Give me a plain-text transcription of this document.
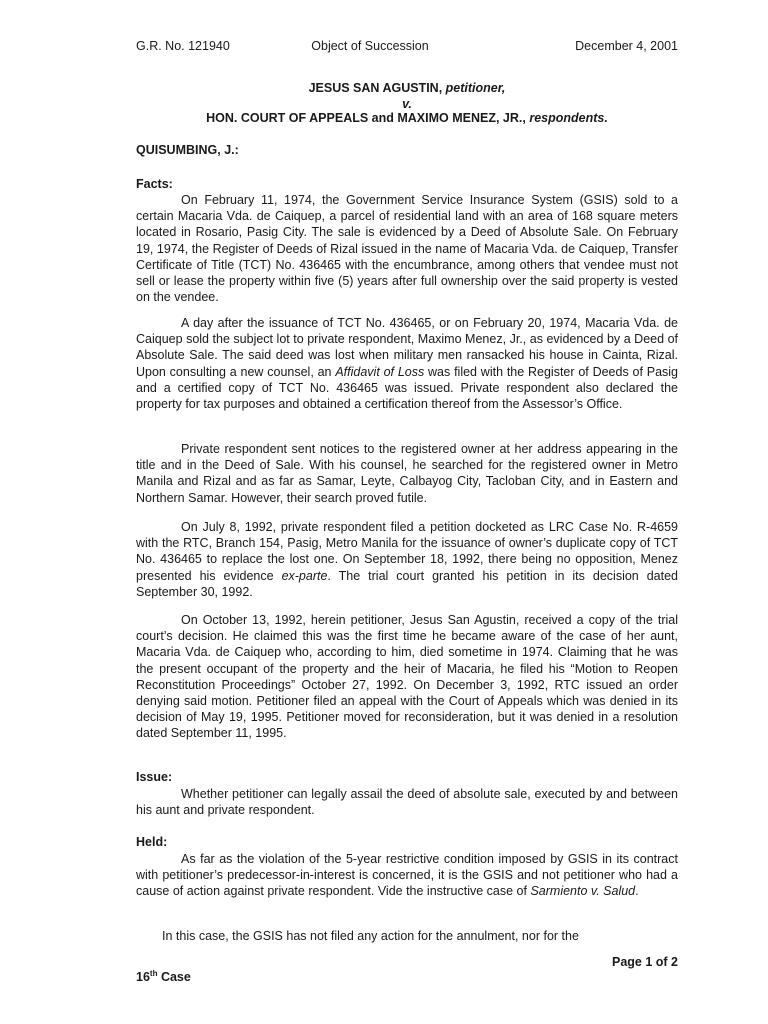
G.R. No. 121940	Object of Succession	December 4, 2001
JESUS SAN AGUSTIN, petitioner,
v.
HON. COURT OF APPEALS and MAXIMO MENEZ, JR., respondents.
QUISUMBING, J.:
Facts:
On February 11, 1974, the Government Service Insurance System (GSIS) sold to a certain Macaria Vda. de Caiquep, a parcel of residential land with an area of 168 square meters located in Rosario, Pasig City. The sale is evidenced by a Deed of Absolute Sale. On February 19, 1974, the Register of Deeds of Rizal issued in the name of Macaria Vda. de Caiquep, Transfer Certificate of Title (TCT) No. 436465 with the encumbrance, among others that vendee must not sell or lease the property within five (5) years after full ownership over the said property is vested on the vendee.
A day after the issuance of TCT No. 436465, or on February 20, 1974, Macaria Vda. de Caiquep sold the subject lot to private respondent, Maximo Menez, Jr., as evidenced by a Deed of Absolute Sale. The said deed was lost when military men ransacked his house in Cainta, Rizal. Upon consulting a new counsel, an Affidavit of Loss was filed with the Register of Deeds of Pasig and a certified copy of TCT No. 436465 was issued. Private respondent also declared the property for tax purposes and obtained a certification thereof from the Assessor’s Office.
Private respondent sent notices to the registered owner at her address appearing in the title and in the Deed of Sale. With his counsel, he searched for the registered owner in Metro Manila and Rizal and as far as Samar, Leyte, Calbayog City, Tacloban City, and in Eastern and Northern Samar. However, their search proved futile.
On July 8, 1992, private respondent filed a petition docketed as LRC Case No. R-4659 with the RTC, Branch 154, Pasig, Metro Manila for the issuance of owner’s duplicate copy of TCT No. 436465 to replace the lost one. On September 18, 1992, there being no opposition, Menez presented his evidence ex-parte. The trial court granted his petition in its decision dated September 30, 1992.
On October 13, 1992, herein petitioner, Jesus San Agustin, received a copy of the trial court’s decision. He claimed this was the first time he became aware of the case of her aunt, Macaria Vda. de Caiquep who, according to him, died sometime in 1974. Claiming that he was the present occupant of the property and the heir of Macaria, he filed his “Motion to Reopen Reconstitution Proceedings” October 27, 1992. On December 3, 1992, RTC issued an order denying said motion. Petitioner filed an appeal with the Court of Appeals which was denied in its decision of May 19, 1995. Petitioner moved for reconsideration, but it was denied in a resolution dated September 11, 1995.
Issue:
Whether petitioner can legally assail the deed of absolute sale, executed by and between his aunt and private respondent.
Held:
As far as the violation of the 5-year restrictive condition imposed by GSIS in its contract with petitioner’s predecessor-in-interest is concerned, it is the GSIS and not petitioner who had a cause of action against private respondent. Vide the instructive case of Sarmiento v. Salud.
In this case, the GSIS has not filed any action for the annulment, nor for the
Page 1 of 2
16th Case
